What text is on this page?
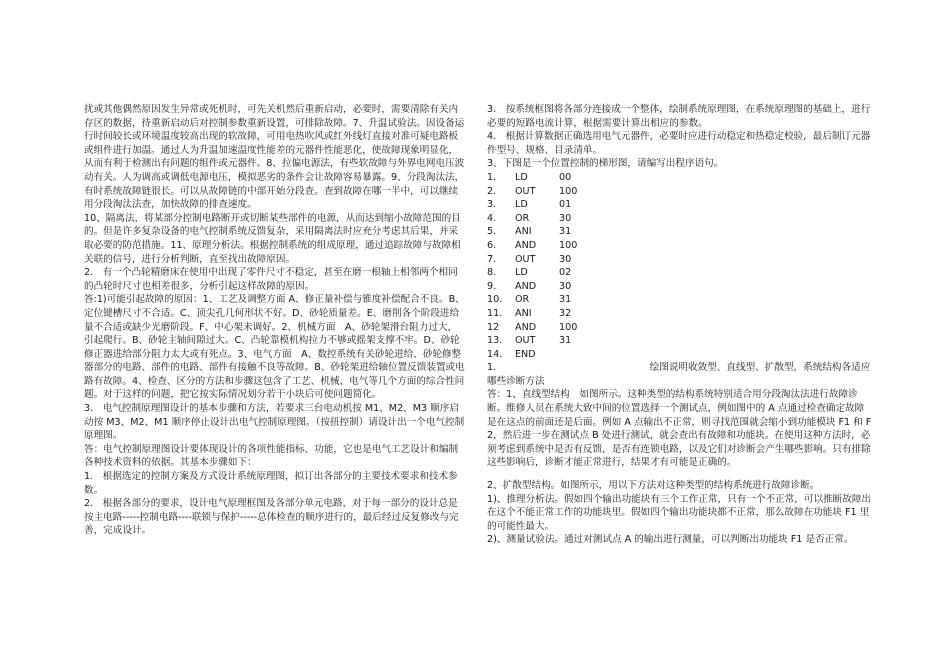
扰或其他偶然原因发生异常或死机时，可先关机然后重新启动，必要时，需要清除有关内存区的数据，待重新启动后对控制参数重新设置，可排除故障。7、升温试验法。因设备运行时间较长或环境温度较高出现的软故障，可用电热吹风或红外线灯直接对准可疑电路板或组件进行加温。通过人为升温加速温度性能差的元器件性能恶化，使故障现象明显化，从而有利于检测出有问题的组件或元器件。8、拉偏电源法，有些软故障与外界电网电压波动有关。人为调高或调低电源电压，模拟恶劣的条件会让故障容易暴露。9、分段淘汰法，有时系统故障链很长。可以从故障链的中部开始分段查。查到故障在哪一半中，可以继续用分段淘汰法查，加快故障的排查速度。

10、隔离法，将某部分控制电路断开或切断某些部件的电源，从而达到缩小故障范围的目的。但是许多复杂设备的电气控制系统反馈复杂，采用隔离法时应充分考虑其后果，并采取必要的防范措施。11、原理分析法。根据控制系统的组成原理，通过追踪故障与故障相关联的信号，进行分析判断，直至找出故障原因。

2.　有一个凸轮精磨床在使用中出现了零件尺寸不稳定，甚至在磨一根轴上相邻两个相同的凸轮时尺寸也相差很多，分析引起这样故障的原因。

答:1)可能引起故障的原因：1、工艺及调整方面 A、修正量补偿与锥度补偿配合不良。B、定位键槽尺寸不合适。C、顶尖孔几何形状不好。D、砂轮质量差。E、磨削各个阶段进给量不合适或缺少光磨阶段。F、中心架未调好。2、机械方面　A、砂轮架滑台阻力过大，引起爬行。B、砂轮主轴间隙过大。C、凸轮靠模机构拉力不够或摇架支撑不牢。D、砂轮修正器进给部分阻力太大或有死点。3、电气方面　A、数控系统有关砂轮进给、砂轮修整器部分的电路、部件的电路、部件有接触不良等故障。B、砂轮架进给轴位置反馈装置或电路有故障。4、检查、区分的方法和步骤这包含了工艺、机械、电气等几个方面的综合性问题。对于这样的问题，把它按实际情况划分若干小块后可使问题简化。

3.　电气控制原理图设计的基本步骤和方法，若要求三台电动机按 M1、M2、M3 顺序启动按 M3、M2、M1 顺序停止设计出电气控制原理图。（按扭控制）请设计出一个电气控制原理图。

答：电气控制原理图设计要体现设计的各项性能指标、功能，它也是电气工艺设计和编制各种技术资料的依据。其基本步骤如下：

1.　根据选定的控制方案及方式设计系统原理图，拟订出各部分的主要技术要求和技术参数。

2.　根据各部分的要求，设计电气原理框图及各部分单元电路，对于每一部分的设计总是按主电路-----控制电路----联锁与保护-----总体检查的顺序进行的，最后经过反复修改与完善，完成设计。

3.　按系统框图将各部分连接成一个整体，绘制系统原理图，在系统原理图的基础上，进行必要的短路电流计算，根据需要计算出相应的参数。

4.　根据计算数据正确选用电气元器件，必要时应进行动稳定和热稳定校验，最后制订元器件型号、规格、目录清单。

3、下图是一个位置控制的梯形图，请编写出程序语句。

1.	LD	00
2.	OUT	100
3.	LD	01
4.	OR	30
5.	ANI	31
6.	AND	100
7.	OUT	30
8.	LD	02
9.	AND	30
10.	OR	31
11.	ANI	32
12	AND	100
13.	OUT	31
14.	END

1.　　　　　　　　　　　　　　　　绘图说明收敛型、直线型、扩散型，系统结构各适应哪些诊断方法

答：1、直线型结构　如图所示。这种类型的结构系统特别适合用分段淘汰法进行故障诊断。维修人员在系统大致中间的位置选择一个测试点，例如图中的 A 点通过检查确定故障是在这点的前面还是后面。例如 A 点输出不正常，则寻找范围就会缩小到功能模块 F1 和 F2，然后进一步在测试点 B 处进行测试，就会查出有故障和功能块。在使用这种方法时，必须考虑到系统中是否有反馈，是否有连锁电路，以及它们对诊断会产生哪些影响。只有排除这些影响后，诊断才能正常进行，结果才有可能是正确的。

2、扩散型结构。如图所示，用以下方法对这种类型的结构系统进行故障诊断。

1)、推理分析法。假如四个输出功能块有三个工作正常，只有一个不正常，可以推断故障出在这个不能正常工作的功能块里。假如四个输出功能块都不正常，那么故障在功能块 F1 里的可能性最大。

2)、测量试验法。通过对测试点 A 的输出进行测量，可以判断出功能块 F1 是否正常。
